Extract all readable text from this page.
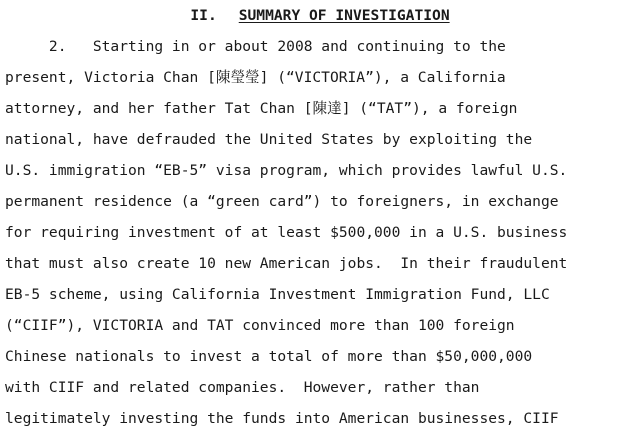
II. SUMMARY OF INVESTIGATION
2.   Starting in or about 2008 and continuing to the
present, Victoria Chan [陳瑩瑩] (“VICTORIA”), a California
attorney, and her father Tat Chan [陳達] (“TAT”), a foreign
national, have defrauded the United States by exploiting the
U.S. immigration “EB-5” visa program, which provides lawful U.S.
permanent residence (a “green card”) to foreigners, in exchange
for requiring investment of at least $500,000 in a U.S. business
that must also create 10 new American jobs.  In their fraudulent
EB-5 scheme, using California Investment Immigration Fund, LLC
(“CIIF”), VICTORIA and TAT convinced more than 100 foreign
Chinese nationals to invest a total of more than $50,000,000
with CIIF and related companies.  However, rather than
legitimately investing the funds into American businesses, CIIF
